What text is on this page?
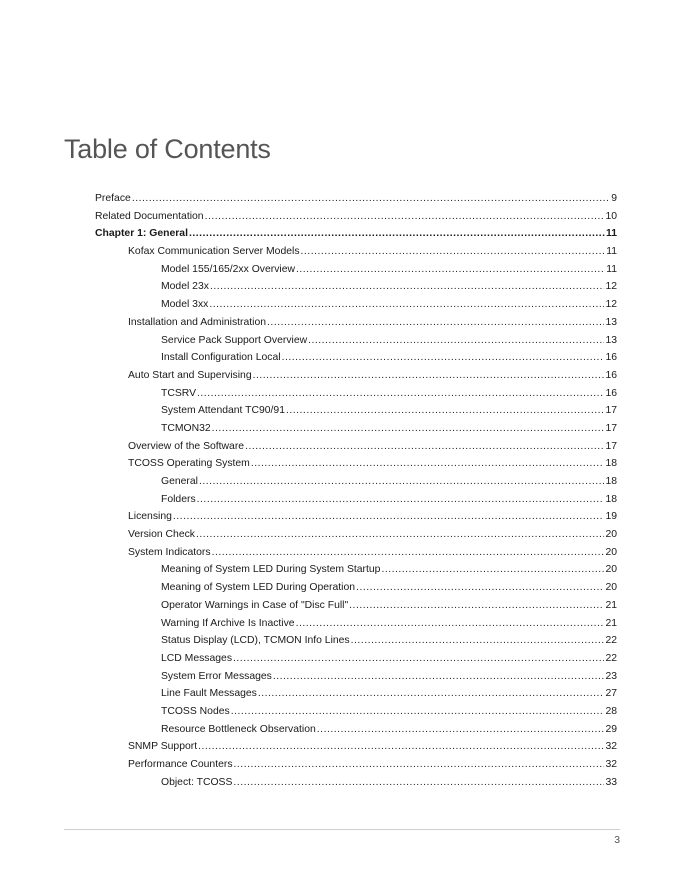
Table of Contents
Preface .....	9
Related Documentation .....	10
Chapter 1: General .....	11
Kofax Communication Server Models .....	11
Model 155/165/2xx Overview .....	11
Model 23x .....	12
Model 3xx .....	12
Installation and Administration .....	13
Service Pack Support Overview .....	13
Install Configuration Local .....	16
Auto Start and Supervising .....	16
TCSRV .....	16
System Attendant TC90/91 .....	17
TCMON32 .....	17
Overview of the Software .....	17
TCOSS Operating System .....	18
General .....	18
Folders .....	18
Licensing .....	19
Version Check .....	20
System Indicators .....	20
Meaning of System LED During System Startup .....	20
Meaning of System LED During Operation .....	20
Operator Warnings in Case of "Disc Full" .....	21
Warning If Archive Is Inactive .....	21
Status Display (LCD), TCMON Info Lines .....	22
LCD Messages .....	22
System Error Messages .....	23
Line Fault Messages .....	27
TCOSS Nodes .....	28
Resource Bottleneck Observation .....	29
SNMP Support .....	32
Performance Counters .....	32
Object: TCOSS .....	33
3
